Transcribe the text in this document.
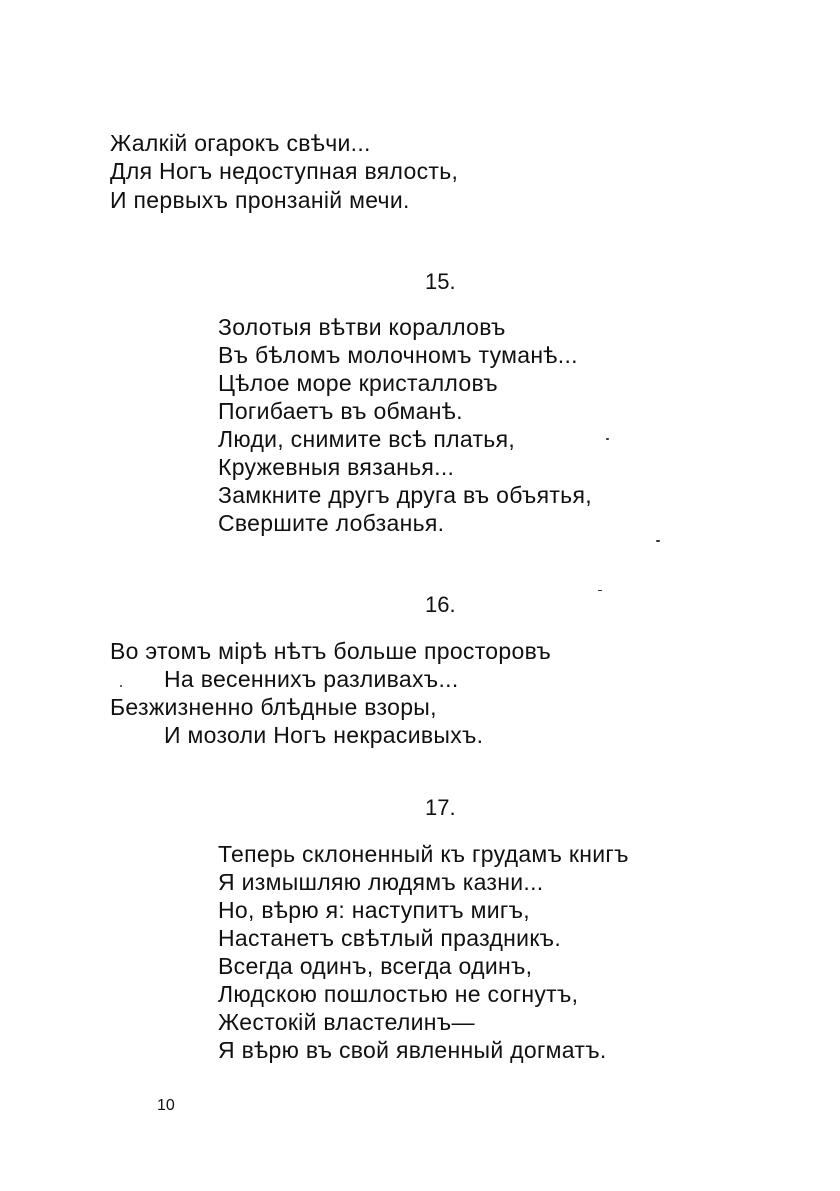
Жалкій огарокъ свѣчи...
Для Ногъ недоступная вялость,
И первыхъ пронзаній мечи.
15.
Золотыя вѣтви коралловъ
Въ бѣломъ молочномъ туманѣ...
Цѣлое море кристалловъ
Погибаетъ въ обманѣ.
Люди, снимите всѣ платья,
Кружевныя вязанья...
Замкните другъ друга въ объятья,
Свершите лобзанья.
16.
Во этомъ мірѣ нѣтъ больше просторовъ
На весеннихъ разливахъ...
Безжизненно блѣдные взоры,
И мозоли Ногъ некрасивыхъ.
17.
Теперь склоненный къ грудамъ книгъ
Я измышляю людямъ казни...
Но, вѣрю я: наступитъ мигъ,
Настанетъ свѣтлый праздникъ.
Всегда одинъ, всегда одинъ,
Людскою пошлостью не согнутъ,
Жестокій властелинъ—
Я вѣрю въ свой явленный догматъ.
10
